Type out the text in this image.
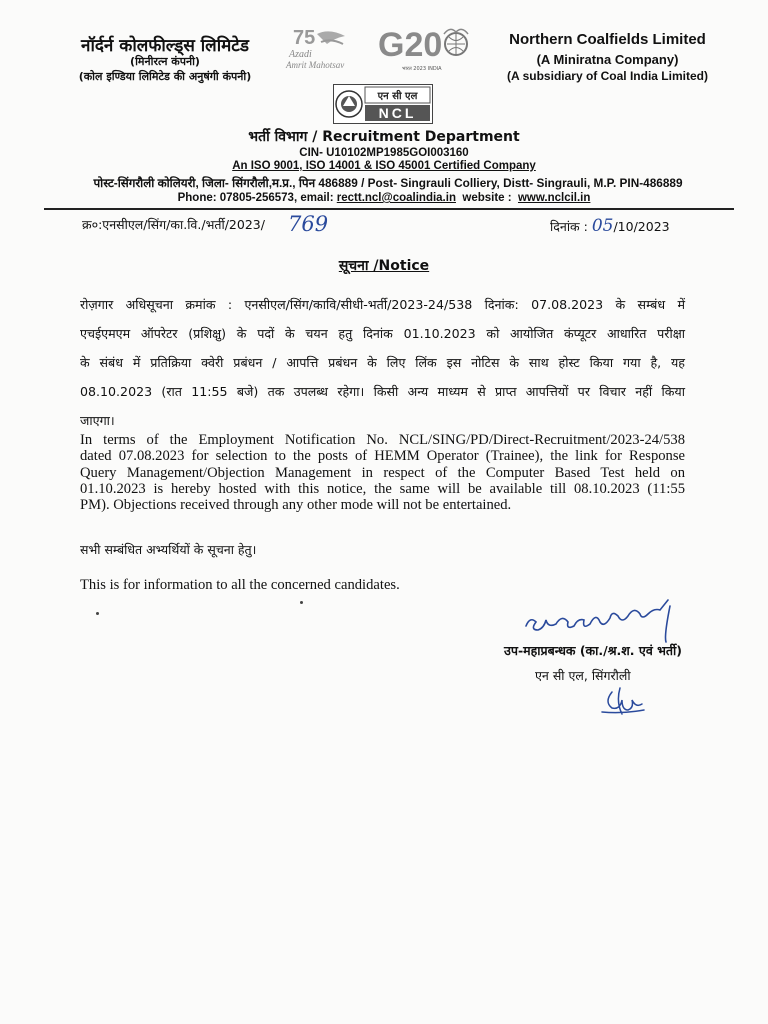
नॉर्दर्न कोलफील्ड्स लिमिटेड
(मिनीरत्न कंपनी)
(कोल इण्डिया लिमिटेड की अनुषंगी कंपनी)
75
Azadi
Amrit Mahotsav
G20
भारत 2023 INDIA
Northern Coalfields Limited
(A Miniratna Company)
(A subsidiary of Coal India Limited)
एन सी एल
NCL
भर्ती विभाग / Recruitment Department
CIN- U10102MP1985GOI003160
An ISO 9001, ISO 14001 & ISO 45001 Certified Company
पोस्ट-सिंगरौली कोलियरी, जिला- सिंगरौली,म.प्र., पिन 486889 / Post- Singrauli Colliery, Distt- Singrauli, M.P. PIN-486889
Phone: 07805-256573, email: rectt.ncl@coalindia.in  website :  www.nclcil.in
क्र०:एनसीएल/सिंग/का.वि./भर्ती/2023/ 769	दिनांक : 05/10/2023
सूचना /Notice
रोज़गार अधिसूचना क्रमांक : एनसीएल/सिंग/कावि/सीधी-भर्ती/2023-24/538 दिनांक: 07.08.2023 के सम्बंध में
एचईएमएम ऑपरेटर (प्रशिक्षु) के पदों के चयन हतु दिनांक 01.10.2023 को आयोजित कंप्यूटर आधारित परीक्षा
के संबंध में प्रतिक्रिया क्वेरी प्रबंधन / आपत्ति प्रबंधन के लिए लिंक इस नोटिस के साथ होस्ट किया गया है, यह
08.10.2023 (रात 11:55 बजे) तक उपलब्ध रहेगा। किसी अन्य माध्यम से प्राप्त आपत्तियों पर विचार नहीं किया
जाएगा।
In terms of the Employment Notification No. NCL/SING/PD/Direct-Recruitment/2023-24/538
dated 07.08.2023 for selection to the posts of HEMM Operator (Trainee), the link for Response
Query Management/Objection Management in respect of the Computer Based Test held on
01.10.2023 is hereby hosted with this notice, the same will be available till 08.10.2023 (11:55
PM). Objections received through any other mode will not be entertained.
सभी सम्बंधित अभ्यर्थियों के सूचना हेतु।
This is for information to all the concerned candidates.
उप-महाप्रबन्धक (का./श्र.श. एवं भर्ती)
एन सी एल, सिंगरौली
